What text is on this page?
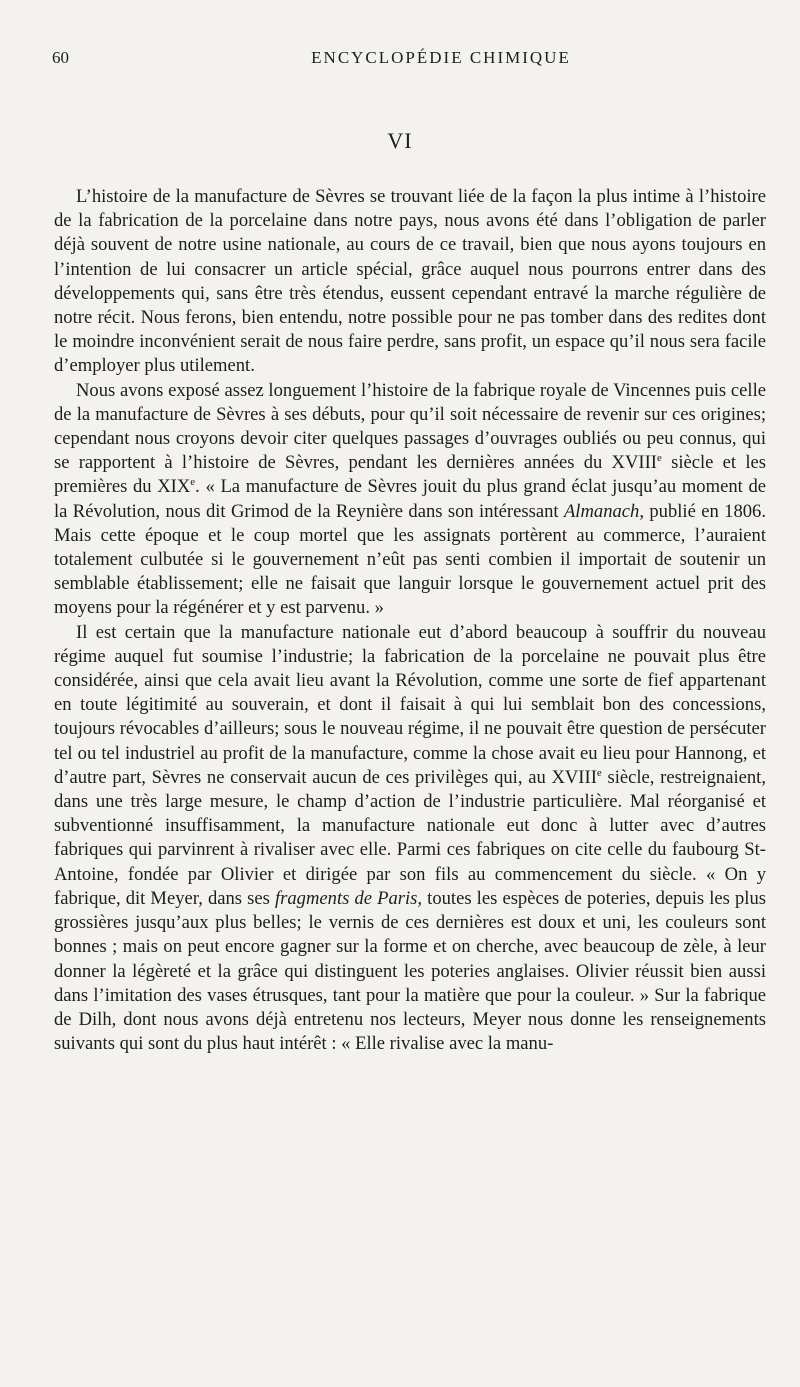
60	ENCYCLOPÉDIE CHIMIQUE
VI

L’histoire de la manufacture de Sèvres se trouvant liée de la façon la plus intime à l’histoire de la fabrication de la porcelaine dans notre pays, nous avons été dans l’obligation de parler déjà souvent de notre usine nationale, au cours de ce travail, bien que nous ayons toujours en l’intention de lui consacrer un article spécial, grâce auquel nous pourrons entrer dans des développements qui, sans être très étendus, eussent cependant entravé la marche régulière de notre récit. Nous ferons, bien entendu, notre possible pour ne pas tomber dans des redites dont le moindre inconvénient serait de nous faire perdre, sans profit, un espace qu’il nous sera facile d’employer plus utilement.

Nous avons exposé assez longuement l’histoire de la fabrique royale de Vincennes puis celle de la manufacture de Sèvres à ses débuts, pour qu’il soit nécessaire de revenir sur ces origines; cependant nous croyons devoir citer quelques passages d’ouvrages oubliés ou peu connus, qui se rapportent à l’histoire de Sèvres, pendant les dernières années du XVIIIe siècle et les premières du XIXe. « La manufacture de Sèvres jouit du plus grand éclat jusqu’au moment de la Révolution, nous dit Grimod de la Reynière dans son intéressant Almanach, publié en 1806. Mais cette époque et le coup mortel que les assignats portèrent au commerce, l’auraient totalement culbutée si le gouvernement n’eût pas senti combien il importait de soutenir un semblable établissement; elle ne faisait que languir lorsque le gouvernement actuel prit des moyens pour la régénérer et y est parvenu. »

Il est certain que la manufacture nationale eut d’abord beaucoup à souffrir du nouveau régime auquel fut soumise l’industrie; la fabrication de la porcelaine ne pouvait plus être considérée, ainsi que cela avait lieu avant la Révolution, comme une sorte de fief appartenant en toute légitimité au souverain, et dont il faisait à qui lui semblait bon des concessions, toujours révocables d’ailleurs; sous le nouveau régime, il ne pouvait être question de persécuter tel ou tel industriel au profit de la manufacture, comme la chose avait eu lieu pour Hannong, et d’autre part, Sèvres ne conservait aucun de ces privilèges qui, au XVIIIe siècle, restreignaient, dans une très large mesure, le champ d’action de l’industrie particulière. Mal réorganisé et subventionné insuffisamment, la manufacture nationale eut donc à lutter avec d’autres fabriques qui parvinrent à rivaliser avec elle. Parmi ces fabriques on cite celle du faubourg St-Antoine, fondée par Olivier et dirigée par son fils au commencement du siècle. « On y fabrique, dit Meyer, dans ses fragments de Paris, toutes les espèces de poteries, depuis les plus grossières jusqu’aux plus belles; le vernis de ces dernières est doux et uni, les couleurs sont bonnes ; mais on peut encore gagner sur la forme et on cherche, avec beaucoup de zèle, à leur donner la légèreté et la grâce qui distinguent les poteries anglaises. Olivier réussit bien aussi dans l’imitation des vases étrusques, tant pour la matière que pour la couleur. » Sur la fabrique de Dilh, dont nous avons déjà entretenu nos lecteurs, Meyer nous donne les renseignements suivants qui sont du plus haut intérêt : « Elle rivalise avec la manu-
